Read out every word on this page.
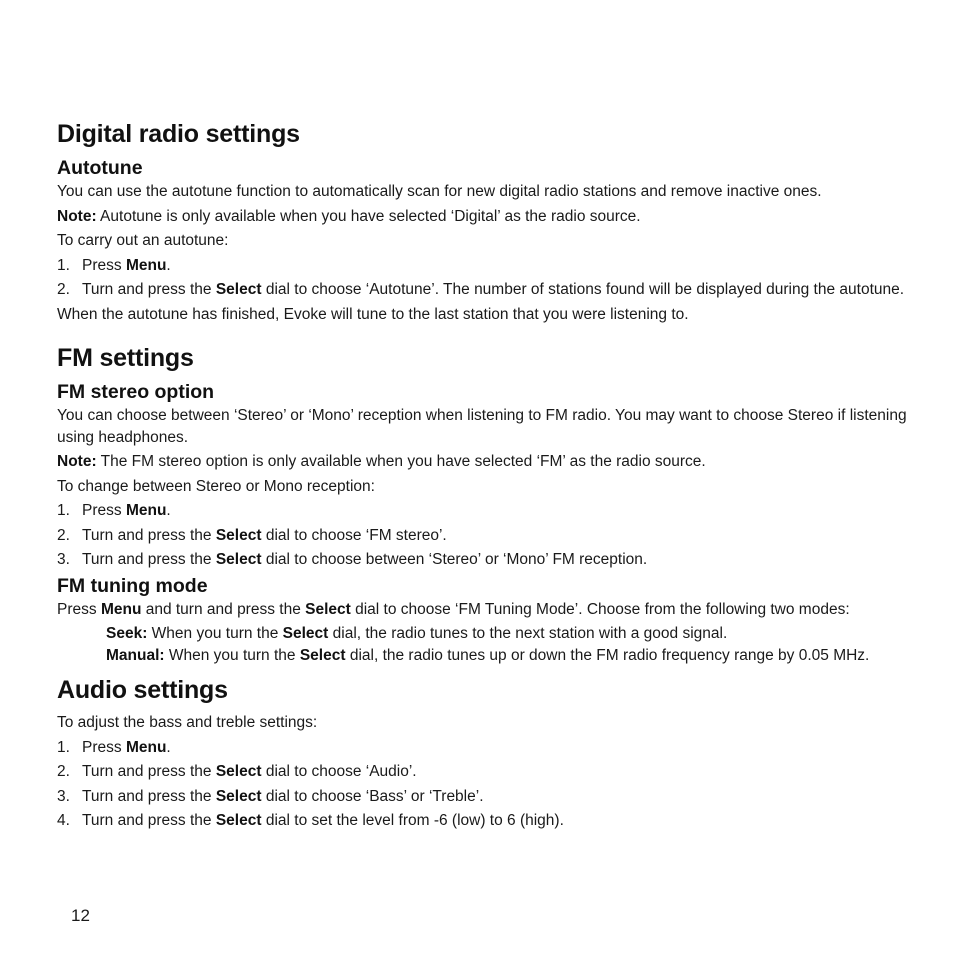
Digital radio settings
Autotune

You can use the autotune function to automatically scan for new digital radio stations and remove inactive ones.

Note: Autotune is only available when you have selected ‘Digital’ as the radio source.

To carry out an autotune:

1. Press Menu.
2. Turn and press the Select dial to choose ‘Autotune’. The number of stations found will be displayed during the autotune.

When the autotune has finished, Evoke will tune to the last station that you were listening to.

FM settings
FM stereo option

You can choose between ‘Stereo’ or ‘Mono’ reception when listening to FM radio. You may want to choose Stereo if listening using headphones.

Note: The FM stereo option is only available when you have selected ‘FM’ as the radio source.

To change between Stereo or Mono reception:

1. Press Menu.
2. Turn and press the Select dial to choose ‘FM stereo’.
3. Turn and press the Select dial to choose between ‘Stereo’ or ‘Mono’ FM reception.
FM tuning mode

Press Menu and turn and press the Select dial to choose ‘FM Tuning Mode’. Choose from the following two modes:

Seek: When you turn the Select dial, the radio tunes to the next station with a good signal.

Manual: When you turn the Select dial, the radio tunes up or down the FM radio frequency range by 0.05 MHz.

Audio settings

To adjust the bass and treble settings:

1. Press Menu.
2. Turn and press the Select dial to choose ‘Audio’.
3. Turn and press the Select dial to choose ‘Bass’ or ‘Treble’.
4. Turn and press the Select dial to set the level from -6 (low) to 6 (high).
12
